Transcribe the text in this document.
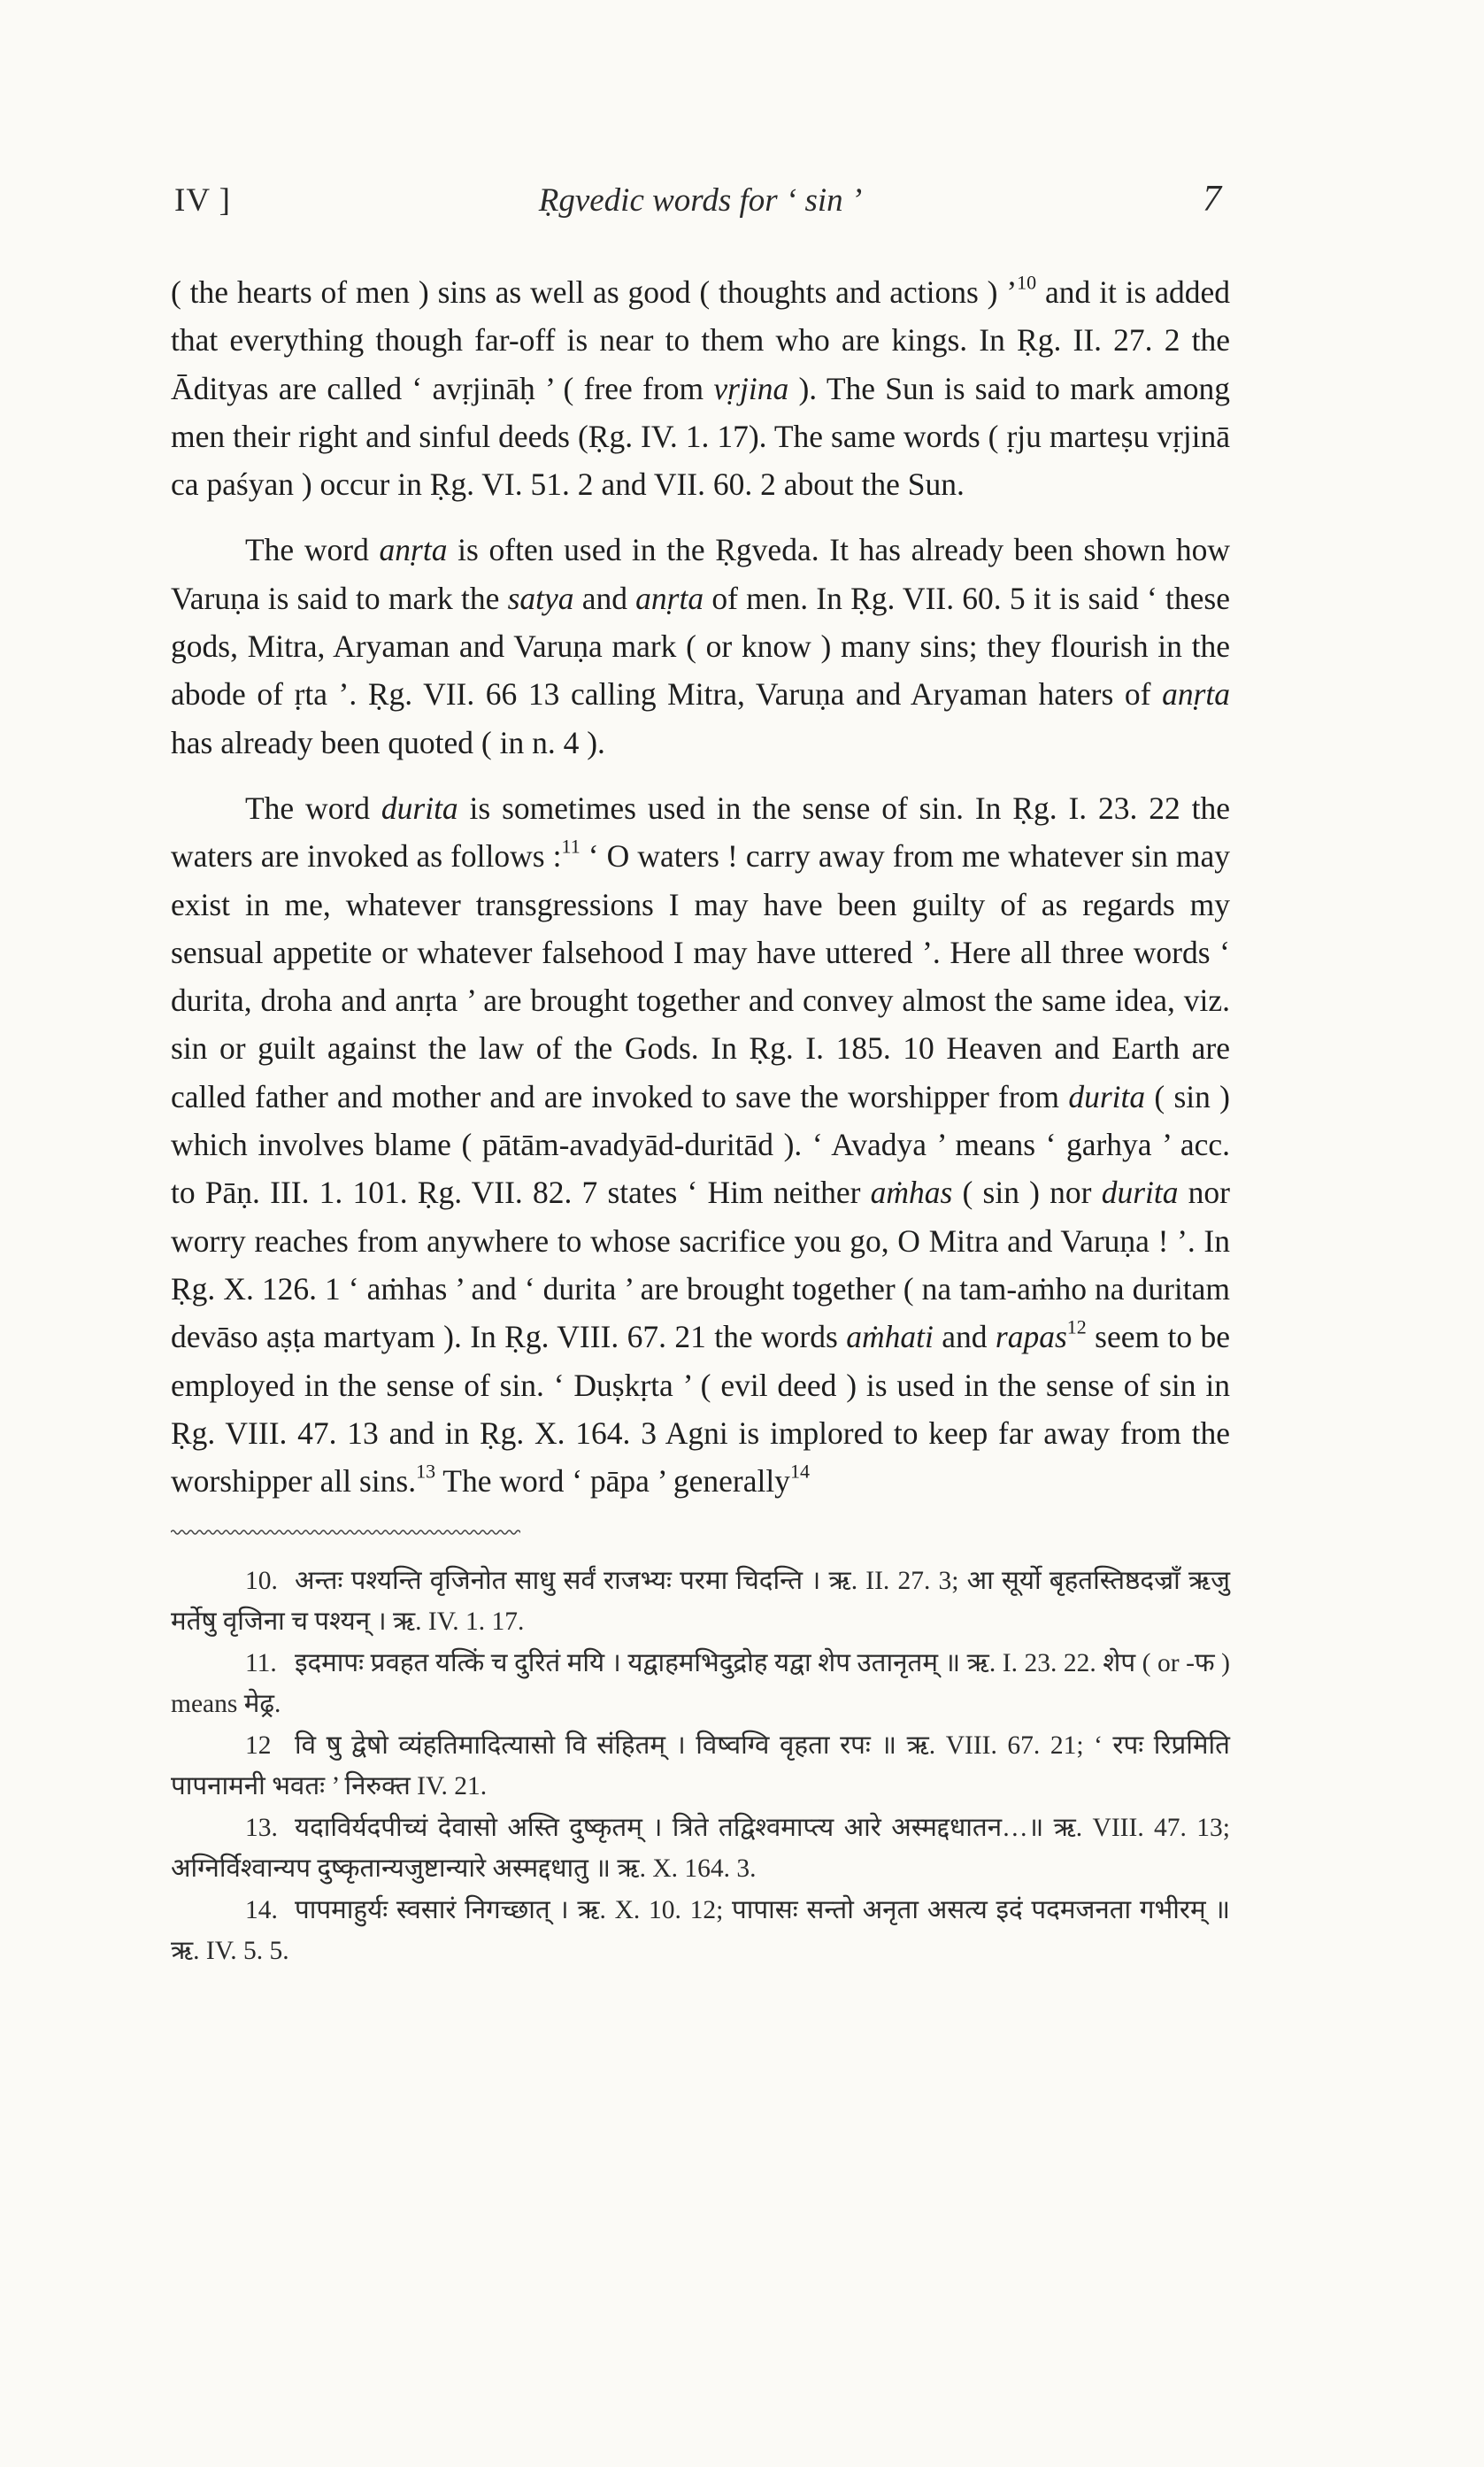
IV ]	Ṛgvedic words for ‘ sin ’	7

( the hearts of men ) sins as well as good ( thoughts and actions ) ’$^{10}$ and it is added that everything though far-off is near to them who are kings. In Ṛg. II. 27. 2 the Ādityas are called ‘ avṛjināḥ ’ ( free from vṛjina ). The Sun is said to mark among men their right and sinful deeds (Ṛg. IV. 1. 17). The same words ( ṛju marteṣu vṛjinā ca paśyan ) occur in Ṛg. VI. 51. 2 and VII. 60. 2 about the Sun.

The word anṛta is often used in the Ṛgveda. It has already been shown how Varuṇa is said to mark the satya and anṛta of men. In Ṛg. VII. 60. 5 it is said ‘ these gods, Mitra, Aryaman and Varuṇa mark ( or know ) many sins; they flourish in the abode of ṛta ’. Ṛg. VII. 66 13 calling Mitra, Varuṇa and Aryaman haters of anṛta has already been quoted ( in n. 4 ).

The word durita is sometimes used in the sense of sin. In Ṛg. I. 23. 22 the waters are invoked as follows :$^{11}$ ‘ O waters ! carry away from me whatever sin may exist in me, whatever transgressions I may have been guilty of as regards my sensual appetite or whatever falsehood I may have uttered ’. Here all three words ‘ durita, droha and anṛta ’ are brought together and convey almost the same idea, viz. sin or guilt against the law of the Gods. In Ṛg. I. 185. 10 Heaven and Earth are called father and mother and are invoked to save the worshipper from durita ( sin ) which involves blame ( pātām-avadyād-duritād ). ‘ Avadya ’ means ‘ garhya ’ acc. to Pāṇ. III. 1. 101. Ṛg. VII. 82. 7 states ‘ Him neither aṁhas ( sin ) nor durita nor worry reaches from anywhere to whose sacrifice you go, O Mitra and Varuṇa ! ’. In Ṛg. X. 126. 1 ‘ aṁhas ’ and ‘ durita ’ are brought together ( na tam-aṁho na duritam devāso aṣṭa martyam ). In Ṛg. VIII. 67. 21 the words aṁhati and rapas$^{12}$ seem to be employed in the sense of sin. ‘ Duṣkṛta ’ ( evil deed ) is used in the sense of sin in Ṛg. VIII. 47. 13 and in Ṛg. X. 164. 3 Agni is implored to keep far away from the worshipper all sins.$^{13}$ The word ‘ pāpa ’ generally$^{14}$

10. अन्तः पश्यन्ति वृजिनोत साधु सर्वं राजभ्यः परमा चिदन्ति । ऋ. II. 27. 3; आ सूर्यो बृहतस्तिष्ठदज्राँ ऋजु मर्तेषु वृजिना च पश्यन् । ऋ. IV. 1. 17.
11. इदमापः प्रवहत यत्किं च दुरितं मयि । यद्वाहमभिदुद्रोह यद्वा शेप उतानृतम् ॥ ऋ. I. 23. 22. शेप ( or -फ ) means मेढ्र.
12 वि षु द्वेषो व्यंहतिमादित्यासो वि संहितम् । विष्वग्वि वृहता रपः ॥ ऋ. VIII. 67. 21; ‘ रपः रिप्रमिति पापनामनी भवतः ’ निरुक्त IV. 21.
13. यदाविर्यदपीच्यं देवासो अस्ति दुष्कृतम् । त्रिते तद्विश्वमाप्त्य आरे अस्मद्दधातन…॥ ऋ. VIII. 47. 13; अग्निर्विश्वान्यप दुष्कृतान्यजुष्टान्यारे अस्मद्दधातु ॥ ऋ. X. 164. 3.
14. पापमाहुर्यः स्वसारं निगच्छात् । ऋ. X. 10. 12; पापासः सन्तो अनृता असत्य इदं पदमजनता गभीरम् ॥ ऋ. IV. 5. 5.
